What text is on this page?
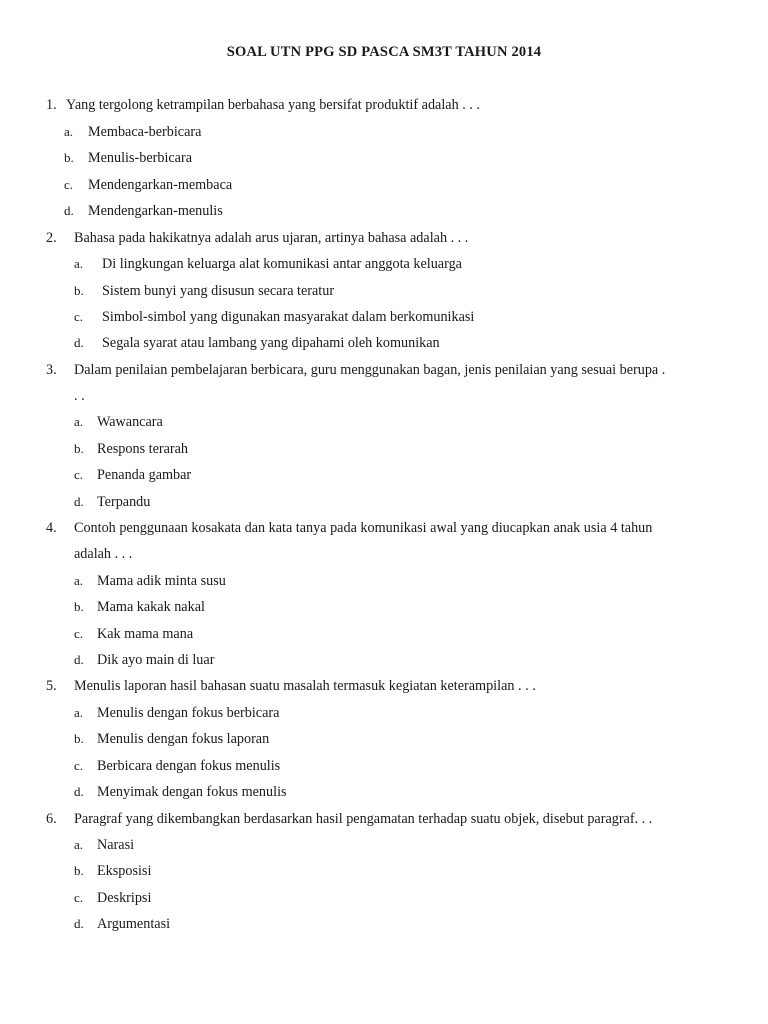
SOAL UTN PPG SD PASCA SM3T TAHUN 2014
1. Yang tergolong ketrampilan berbahasa yang bersifat produktif adalah . . .
a. Membaca-berbicara
b. Menulis-berbicara
c. Mendengarkan-membaca
d. Mendengarkan-menulis
2. Bahasa pada hakikatnya adalah arus ujaran, artinya bahasa adalah . . .
a. Di lingkungan keluarga alat komunikasi antar anggota keluarga
b. Sistem bunyi yang disusun secara teratur
c. Simbol-simbol yang digunakan masyarakat dalam berkomunikasi
d. Segala syarat atau lambang yang dipahami oleh komunikan
3. Dalam penilaian pembelajaran berbicara, guru menggunakan bagan, jenis penilaian yang sesuai berupa .
. .
a. Wawancara
b. Respons terarah
c. Penanda gambar
d. Terpandu
4. Contoh penggunaan kosakata dan kata tanya pada komunikasi awal yang diucapkan anak usia 4 tahun
adalah . . .
a. Mama adik minta susu
b. Mama kakak nakal
c. Kak mama mana
d. Dik ayo main di luar
5. Menulis laporan hasil bahasan suatu masalah termasuk kegiatan keterampilan . . .
a. Menulis dengan fokus berbicara
b. Menulis dengan fokus laporan
c. Berbicara dengan fokus menulis
d. Menyimak dengan fokus menulis
6. Paragraf yang dikembangkan berdasarkan hasil pengamatan terhadap suatu objek, disebut paragraf. . .
a. Narasi
b. Eksposisi
c. Deskripsi
d. Argumentasi
